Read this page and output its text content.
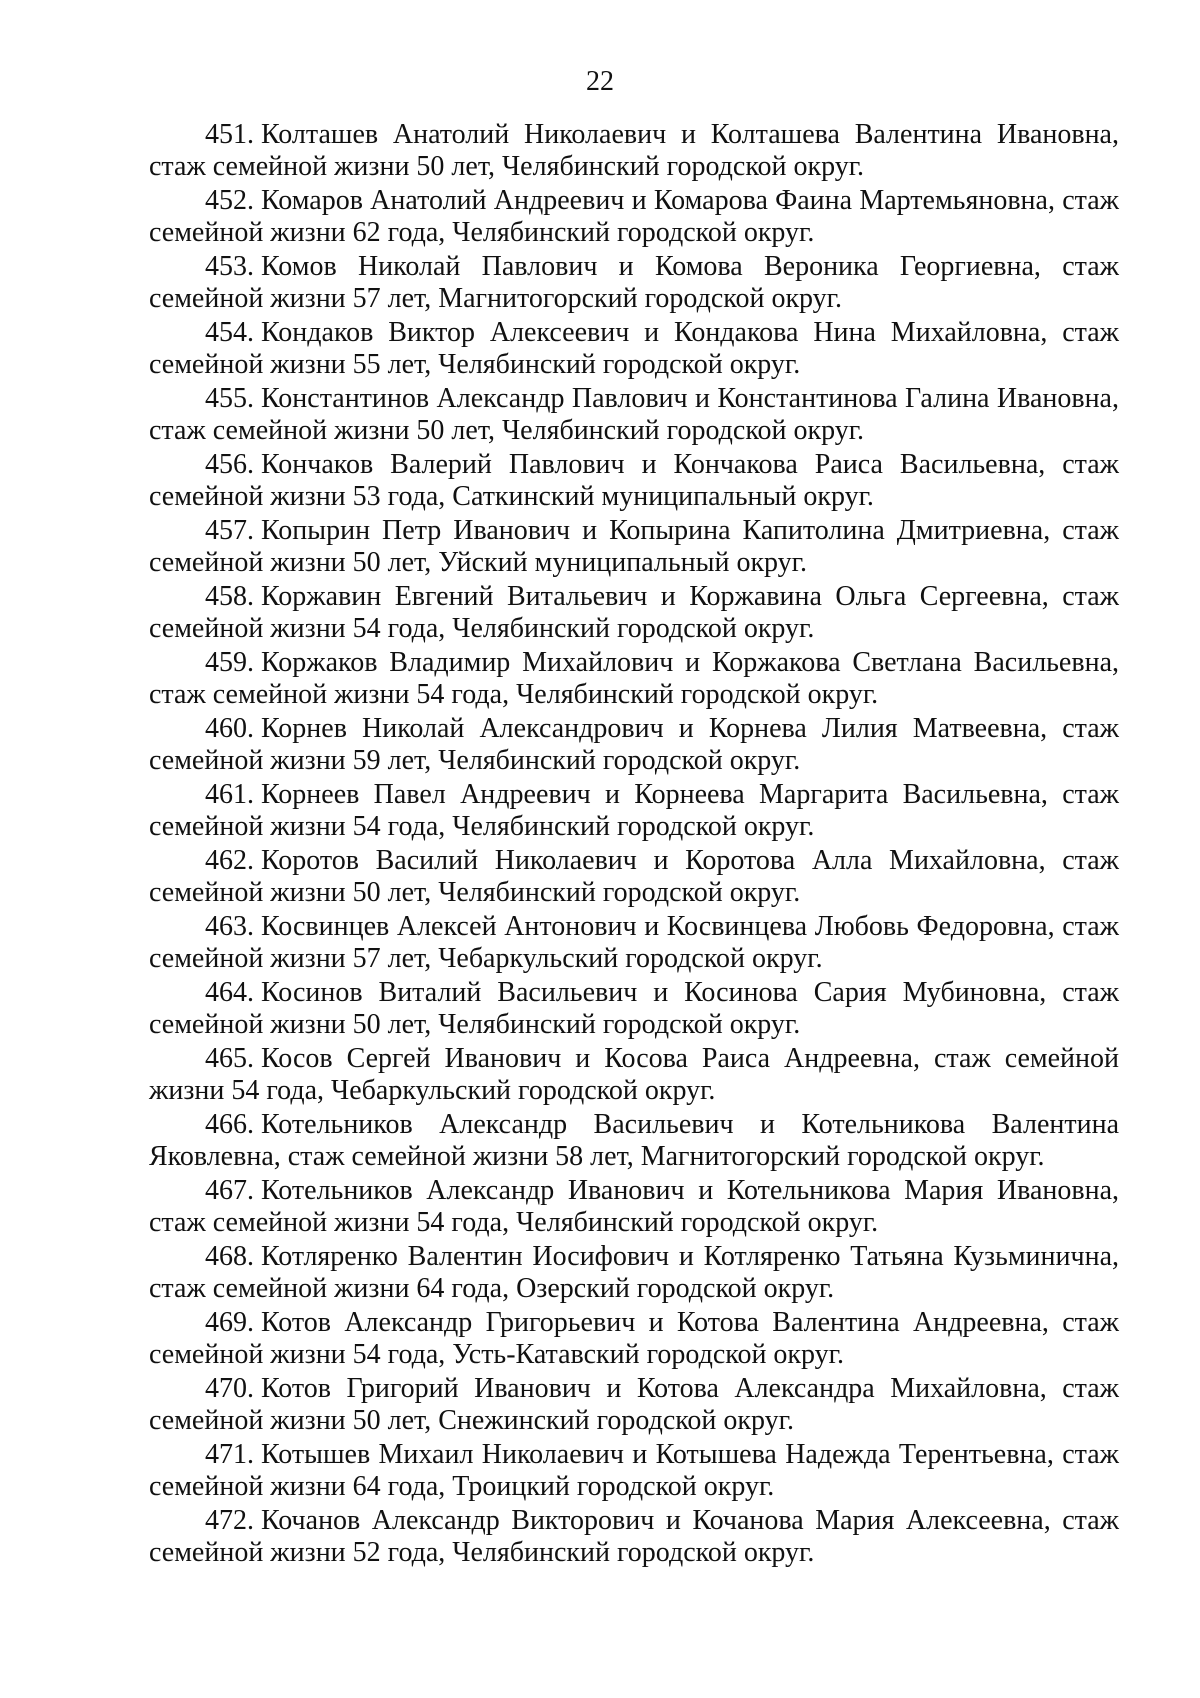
22

451. Колташев Анатолий Николаевич и Колташева Валентина Ивановна, стаж семейной жизни 50 лет, Челябинский городской округ.

452. Комаров Анатолий Андреевич и Комарова Фаина Мартемьяновна, стаж семейной жизни 62 года, Челябинский городской округ.

453. Комов Николай Павлович и Комова Вероника Георгиевна, стаж семейной жизни 57 лет, Магнитогорский городской округ.

454. Кондаков Виктор Алексеевич и Кондакова Нина Михайловна, стаж семейной жизни 55 лет, Челябинский городской округ.

455. Константинов Александр Павлович и Константинова Галина Ивановна, стаж семейной жизни 50 лет, Челябинский городской округ.

456. Кончаков Валерий Павлович и Кончакова Раиса Васильевна, стаж семейной жизни 53 года, Саткинский муниципальный округ.

457. Копырин Петр Иванович и Копырина Капитолина Дмитриевна, стаж семейной жизни 50 лет, Уйский муниципальный округ.

458. Коржавин Евгений Витальевич и Коржавина Ольга Сергеевна, стаж семейной жизни 54 года, Челябинский городской округ.

459. Коржаков Владимир Михайлович и Коржакова Светлана Васильевна, стаж семейной жизни 54 года, Челябинский городской округ.

460. Корнев Николай Александрович и Корнева Лилия Матвеевна, стаж семейной жизни 59 лет, Челябинский городской округ.

461. Корнеев Павел Андреевич и Корнеева Маргарита Васильевна, стаж семейной жизни 54 года, Челябинский городской округ.

462. Коротов Василий Николаевич и Коротова Алла Михайловна, стаж семейной жизни 50 лет, Челябинский городской округ.

463. Косвинцев Алексей Антонович и Косвинцева Любовь Федоровна, стаж семейной жизни 57 лет, Чебаркульский городской округ.

464. Косинов Виталий Васильевич и Косинова Сария Мубиновна, стаж семейной жизни 50 лет, Челябинский городской округ.

465. Косов Сергей Иванович и Косова Раиса Андреевна, стаж семейной жизни 54 года, Чебаркульский городской округ.

466. Котельников Александр Васильевич и Котельникова Валентина Яковлевна, стаж семейной жизни 58 лет, Магнитогорский городской округ.

467. Котельников Александр Иванович и Котельникова Мария Ивановна, стаж семейной жизни 54 года, Челябинский городской округ.

468. Котляренко Валентин Иосифович и Котляренко Татьяна Кузьминична, стаж семейной жизни 64 года, Озерский городской округ.

469. Котов Александр Григорьевич и Котова Валентина Андреевна, стаж семейной жизни 54 года, Усть-Катавский городской округ.

470. Котов Григорий Иванович и Котова Александра Михайловна, стаж семейной жизни 50 лет, Снежинский городской округ.

471. Котышев Михаил Николаевич и Котышева Надежда Терентьевна, стаж семейной жизни 64 года, Троицкий городской округ.

472. Кочанов Александр Викторович и Кочанова Мария Алексеевна, стаж семейной жизни 52 года, Челябинский городской округ.
